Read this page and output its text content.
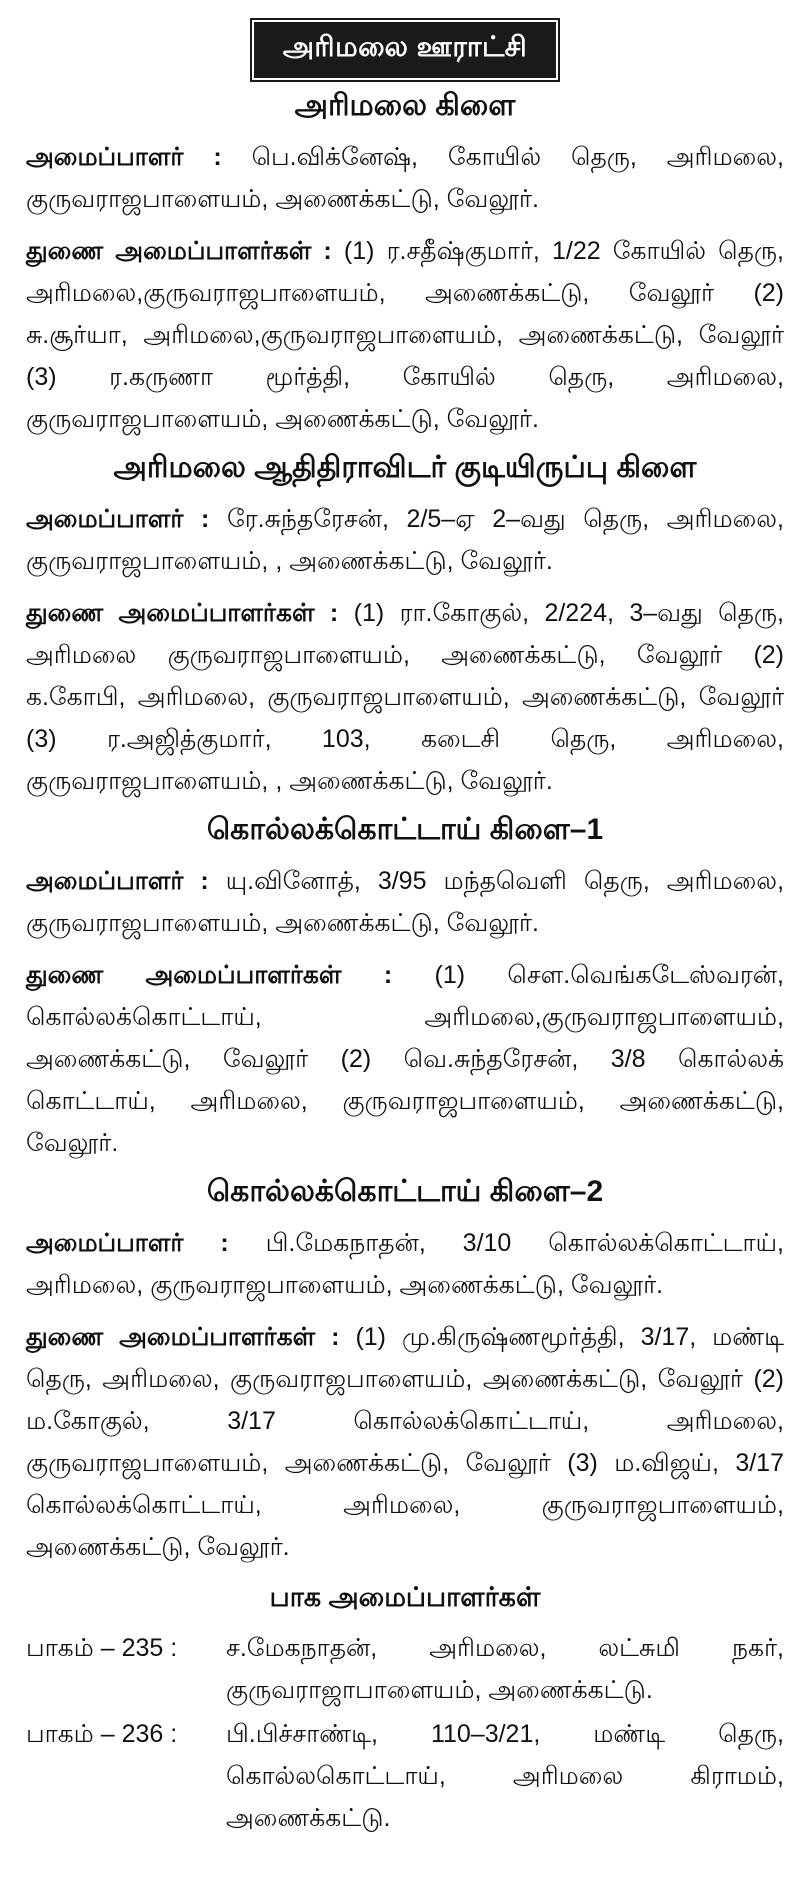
அரிமலை ஊராட்சி
அரிமலை கிளை

அமைப்பாளர் : பெ.விக்னேஷ், கோயில் தெரு, அரிமலை, குருவராஜபாளையம், அணைக்கட்டு, வேலூர்.

துணை அமைப்பாளர்கள் : (1) ர.சதீஷ்குமார், 1/22 கோயில் தெரு, அரிமலை,குருவராஜபாளையம், அணைக்கட்டு, வேலூர் (2) சு.சூர்யா, அரிமலை,குருவராஜபாளையம், அணைக்கட்டு, வேலூர் (3) ர.கருணா மூர்த்தி, கோயில் தெரு, அரிமலை, குருவராஜபாளையம், அணைக்கட்டு, வேலூர்.

அரிமலை ஆதிதிராவிடர் குடியிருப்பு கிளை

அமைப்பாளர் : ரே.சுந்தரேசன், 2/5–ஏ 2–வது தெரு, அரிமலை, குருவராஜபாளையம், , அணைக்கட்டு, வேலூர்.

துணை அமைப்பாளர்கள் : (1) ரா.கோகுல், 2/224, 3–வது தெரு, அரிமலை குருவராஜபாளையம், அணைக்கட்டு, வேலூர் (2) க.கோபி, அரிமலை, குருவராஜபாளையம், அணைக்கட்டு, வேலூர் (3) ர.அஜித்குமார், 103, கடைசி தெரு, அரிமலை, குருவராஜபாளையம், , அணைக்கட்டு, வேலூர்.

கொல்லக்கொட்டாய் கிளை–1

அமைப்பாளர் : யு.வினோத், 3/95 மந்தவெளி தெரு, அரிமலை, குருவராஜபாளையம், அணைக்கட்டு, வேலூர்.

துணை அமைப்பாளர்கள் : (1) செள.வெங்கடேஸ்வரன், கொல்லக்கொட்டாய், அரிமலை,குருவராஜபாளையம், அணைக்கட்டு, வேலூர் (2) வெ.சுந்தரேசன், 3/8 கொல்லக் கொட்டாய், அரிமலை, குருவராஜபாளையம், அணைக்கட்டு, வேலூர்.

கொல்லக்கொட்டாய் கிளை–2

அமைப்பாளர் : பி.மேகநாதன், 3/10 கொல்லக்கொட்டாய், அரிமலை, குருவராஜபாளையம், அணைக்கட்டு, வேலூர்.

துணை அமைப்பாளர்கள் : (1) மு.கிருஷ்ணமூர்த்தி, 3/17, மண்டி தெரு, அரிமலை, குருவராஜபாளையம், அணைக்கட்டு, வேலூர் (2) ம.கோகுல், 3/17 கொல்லக்கொட்டாய், அரிமலை, குருவராஜபாளையம், அணைக்கட்டு, வேலூர் (3) ம.விஜய், 3/17 கொல்லக்கொட்டாய், அரிமலை, குருவராஜபாளையம், அணைக்கட்டு, வேலூர்.

பாக அமைப்பாளர்கள்
பாகம் – 235 :	ச.மேகநாதன், அரிமலை, லட்சுமி நகர், குருவராஜாபாளையம், அணைக்கட்டு.
பாகம் – 236 :	பி.பிச்சாண்டி, 110–3/21, மண்டி தெரு, கொல்லகொட்டாய், அரிமலை கிராமம், அணைக்கட்டு.
